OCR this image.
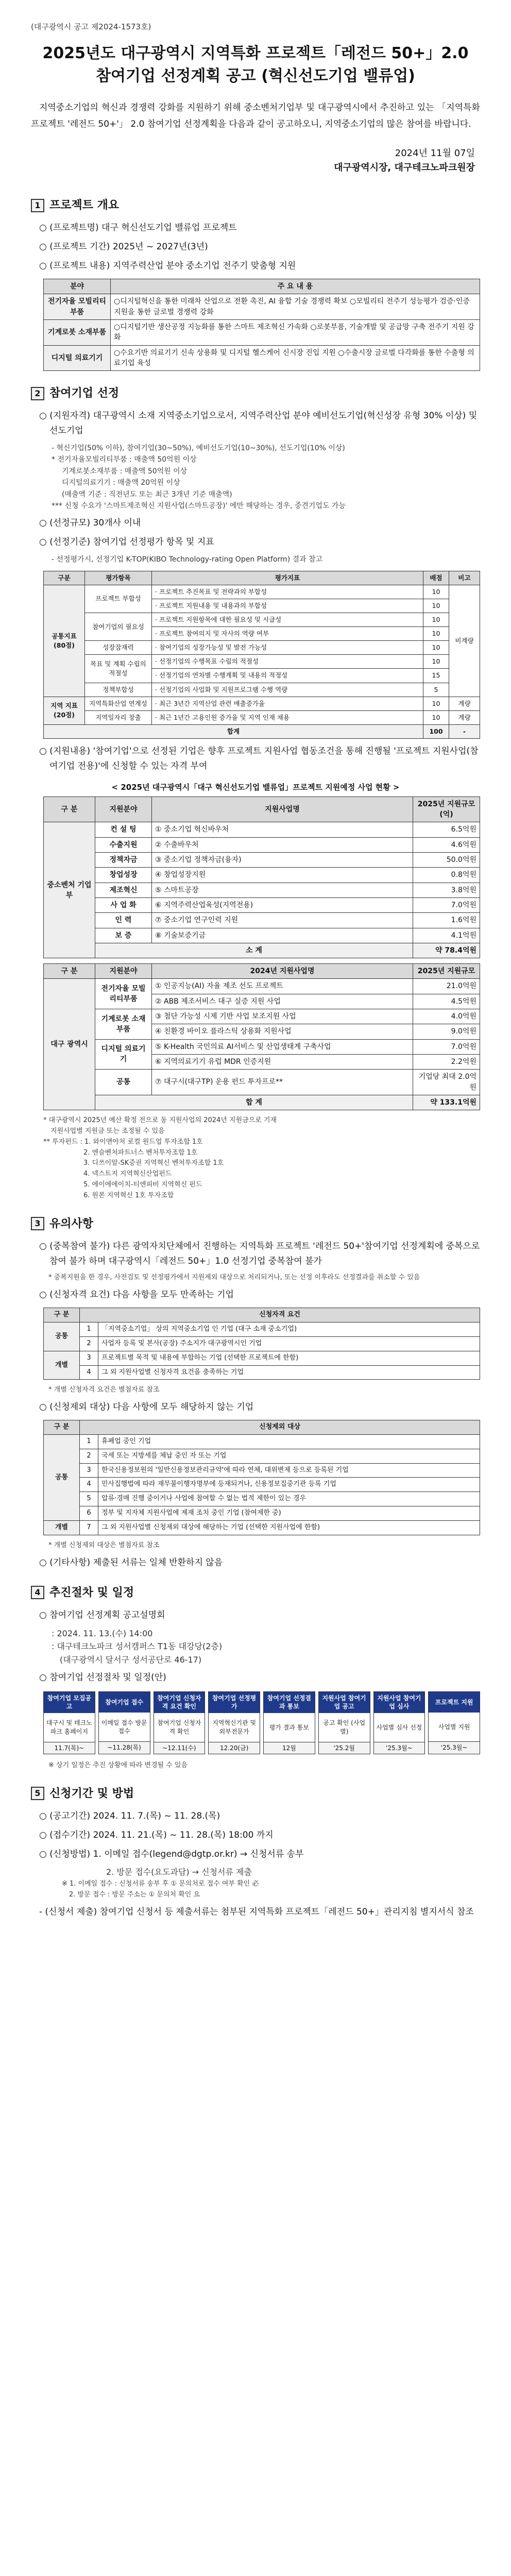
(대구광역시 공고 제2024-1573호)
2025년도 대구광역시 지역특화 프로젝트「레전드 50+」2.0
참여기업 선정계획 공고 (혁신선도기업 밸류업)

지역중소기업의 혁신과 경쟁력 강화를 지원하기 위해 중소벤처기업부 및 대구광역시에서 추진하고 있는 「지역특화 프로젝트 '레전드 50+'」 2.0 참여기업 선정계획을 다음과 같이 공고하오니, 지역중소기업의 많은 참여를 바랍니다.

2024년 11월 07일
대구광역시장, 대구테크노파크원장
1 프로젝트 개요

○ (프로젝트명) 대구 혁신선도기업 밸류업 프로젝트

○ (프로젝트 기간) 2025년 ~ 2027년(3년)

○ (프로젝트 내용) 지역주력산업 분야 중소기업 전주기 맞춤형 지원

분야	주 요 내 용
전기자율 모빌리티부품	○디지털혁신을 통한 미래차 산업으로 전환 촉진, AI 융합 기술 경쟁력 확보 ○모빌리티 전주기 성능평가 검증·인증 지원을 통한 글로벌 경쟁력 강화
기계로봇 소재부품	○디지털기반 생산공정 지능화를 통한 스마트 제조혁신 가속화 ○로봇부품, 기술개발 및 공급망 구축 전주기 지원 강화
디지털 의료기기	○수요기반 의료기기 신속 상용화 및 디지털 헬스케어 신시장 진입 지원 ○수출시장 글로벌 다각화를 통한 수출형 의료기업 육성
2 참여기업 선정

○ (지원자격) 대구광역시 소재 지역중소기업으로서, 지역주력산업 분야 예비선도기업(혁신성장 유형 30% 이상) 및 선도기업

- 혁신기업(50% 이하), 참여기업(30~50%), 예비선도기업(10~30%), 선도기업(10% 이상)

* 전기자율모빌리티부품 : 매출액 50억원 이상

기계로봇소재부품 : 매출액 50억원 이상

디지털의료기기 : 매출액 20억원 이상

(매출액 기준 : 직전년도 또는 최근 3개년 기준 매출액)

*** 신청 수요가 '스마트제조혁신 지원사업(스마트공장)' 에만 해당하는 경우, 중견기업도 가능

○ (선정규모) 30개사 이내

○ (선정기준) 참여기업 선정평가 항목 및 지표

- 선정평가시, 선정기업 K-TOP(KIBO Technology-rating Open Platform) 결과 참고

구분	평가항목	평가지표	배점	비고
공통지표 (80점)	프로젝트 부합성	· 프로젝트 추진목표 및 전략과의 부합성	10	비계량
		· 프로젝트 지원내용 및 내용과의 부합성	10	
	참여기업의 필요성	· 프로젝트 지원항목에 대한 필요성 및 시급성	10	
		· 프로젝트 참여의지 및 자사의 역량 여부	10	
	성장잠재력	· 참여기업의 성장가능성 및 발전 가능성	10	
	목표 및 계획 수립의 적절성	· 선정기업의 수행목표 수립의 적절성	10	
		· 선정기업의 연차별 수행계획 및 내용의 적정성	15	
	정책부합성	· 선정기업의 사업화 및 지원프로그램 수행 역량	5	
지역 지표 (20점)	지역특화산업 연계성	· 최근 3년간 지역산업 관련 매출증가율	10	계량
	지역일자리 창출	· 최근 1년간 고용인원 증가율 및 지역 인재 채용	10	계량
합계			100	-

○ (지원내용) '참여기업'으로 선정된 기업은 향후 프로젝트 지원사업 협동조건을 통해 진행될 '프로젝트 지원사업(참여기업 전용)'에 신청할 수 있는 자격 부여

< 2025년 대구광역시「대구 혁신선도기업 밸류업」프로젝트 지원예정 사업 현황 >
구 분	지원분야	지원사업명	2025년 지원규모(억)
중소벤처 기업부	컨 설 팅	① 중소기업 혁신바우처	6.5억원
	수출지원	② 수출바우처	4.6억원
	정책자금	③ 중소기업 정책자금(융자)	50.0억원
	창업성장	④ 창업성장지원	0.8억원
	제조혁신	⑤ 스마트공장	3.8억원
	사 업 화	⑥ 지역주력산업육성(지역전용)	7.0억원
	인 력	⑦ 중소기업 연구인력 지원	1.6억원
	보 증	⑧ 기술보증기금	4.1억원
	소 계		약 78.4억원
구 분	지원분야	2024년 지원사업명	2025년 지원규모
대구 광역시	전기자율 모빌리티부품	① 인공지능(AI) 자율 제조 선도 프로젝트	21.0억원
		② ABB 제조서비스 대구 실증 지원 사업	4.5억원
	기계로봇 소재부품	③ 첨단 가능성 시제 기반 사업 보조지원 사업	4.0억원
		④ 친환경 바이오 플라스틱 상용화 지원사업	9.0억원
	디지털 의료기기	⑤ K-Health 국민의료 AI서비스 및 산업생태계 구축사업	7.0억원
		⑥ 지역의료기기 유럽 MDR 인증지원	2.2억원
	공통	⑦ 대구시(대구TP) 운용 펀드 투자프로**	기업당 최대 2.0억원
	합 계		약 133.1억원
* 대구광역시 2025년 예산 확정 전으로 동 지원사업의 2024년 지원금으로 기재
지원사업별 지원금 또는 조정될 수 있음
** 투자펀드 : 1. 와이앤아처 로컬 원드업 투자조합 1호
2. 엔슬벤처파트너스 벤처투자조합 1호
3. 디쓰이알-SK증권 지역혁신 벤처투자조합 1호
4. 넥스트지 지역혁신산업펀드
5. 에이에에이치-티엔피비 지역혁신 펀드
6. 원본 지역혁신 1호 투자조합
3 유의사항

○ (중복참여 불가) 다른 광역자치단체에서 진행하는 지역특화 프로젝트 '레전드 50+'참여기업 선정계획에 중복으로 참여 불가 하며 대구광역시「레전드 50+」1.0 선정기업 중복참여 불가

* 중복지원을 한 경우, 사전검토 및 선정평가에서 지원제외 대상으로 처리되거나, 또는 선정 이후라도 선정결과를 취소할 수 있음

○ (신청자격 요건) 다음 사항을 모두 만족하는 기업

구 분	신청자격 요건	
공통	1	「지역중소기업」 상의 지역중소기업 인 기업 (대구 소재 중소기업)
	2	사업자 등록 및 본사(공장) 주소지가 대구광역시인 기업
개별	3	프로젝트별 목적 및 내용에 부합하는 기업 (선택한 프로젝트에 한함)
	4	그 외 지원사업별 신청자격 요건을 충족하는 기업

* 개별 신청자격 요건은 별첨자료 참조

○ (신청제외 대상) 다음 사항에 모두 해당하지 않는 기업

구 분	신청제외 대상	
공통	1	휴폐업 중인 기업
	2	국세 또는 지방세를 체납 중인 자 또는 기업
	3	한국신용정보원의 '일반신용정보관리규약'에 따라 연체, 대위변제 등으로 등록된 기업
	4	민사집행법에 따라 재무불이행자명부에 등재되거나, 신용정보집중기관 등록 기업
	5	압류·경매 진행 중이거나 사업에 참여할 수 없는 법적 제한이 있는 경우
	6	정부 및 지자체 지원사업에 제재 조치 중인 기업 (참여제한 중)
개별	7	그 외 지원사업별 신청제외 대상에 해당하는 기업 (선택한 지원사업에 한함)

* 개별 신청제외 대상은 별첨자료 참조

○ (기타사항) 제출된 서류는 일체 반환하지 않음

4 추진절차 및 일정

○ 참여기업 선정계획 공고설명회

: 2024. 11. 13.(수) 14:00

: 대구테크노파크 성서캠퍼스 T1동 대강당(2층)

(대구광역시 달서구 성서공단로 46-17)

○ 참여기업 선정절차 및 일정(안)

참여기업 모집공고
대구시 및 테크노파크 홈페이지
11.7(목)~
참여기업 접수
이메일 접수 방문 접수
~11.28(목)
참여기업 신청자격 요건 확인
참여기업 신청자격 확인
~12.11(수)
참여기업 선정평가
지역혁신기관 및 외부전문가
12.20(금)
참여기업 선정결과 통보
평가 결과 통보
12월
지원사업 참여기업 공고
공고 확인 (사업별)
'25.2월
지원사업 참여기업 심사
사업별 심사 선정
'25.3월~
프로젝트 지원
사업별 지원
'25.3월~

※ 상기 일정은 추진 상황에 따라 변경될 수 있음

5 신청기간 및 방법

○ (공고기간) 2024. 11. 7.(목) ~ 11. 28.(목)

○ (접수기간) 2024. 11. 21.(목) ~ 11. 28.(목) 18:00 까지

○ (신청방법) 1. 이메일 접수(legend@dgtp.or.kr) → 신청서류 송부

2. 방문 접수(요도과담) → 신청서류 제출

※ 1. 이메일 접수 : 신청서류 송부 후 ① 문의처로 접수 여부 확인 必

2. 방문 접수 : 방문 주소는 ① 문의처 확인 요

- (신청서 제출) 참여기업 신청서 등 제출서류는 첨부된 지역특화 프로젝트「레전드 50+」관리지침 별지서식 참조
